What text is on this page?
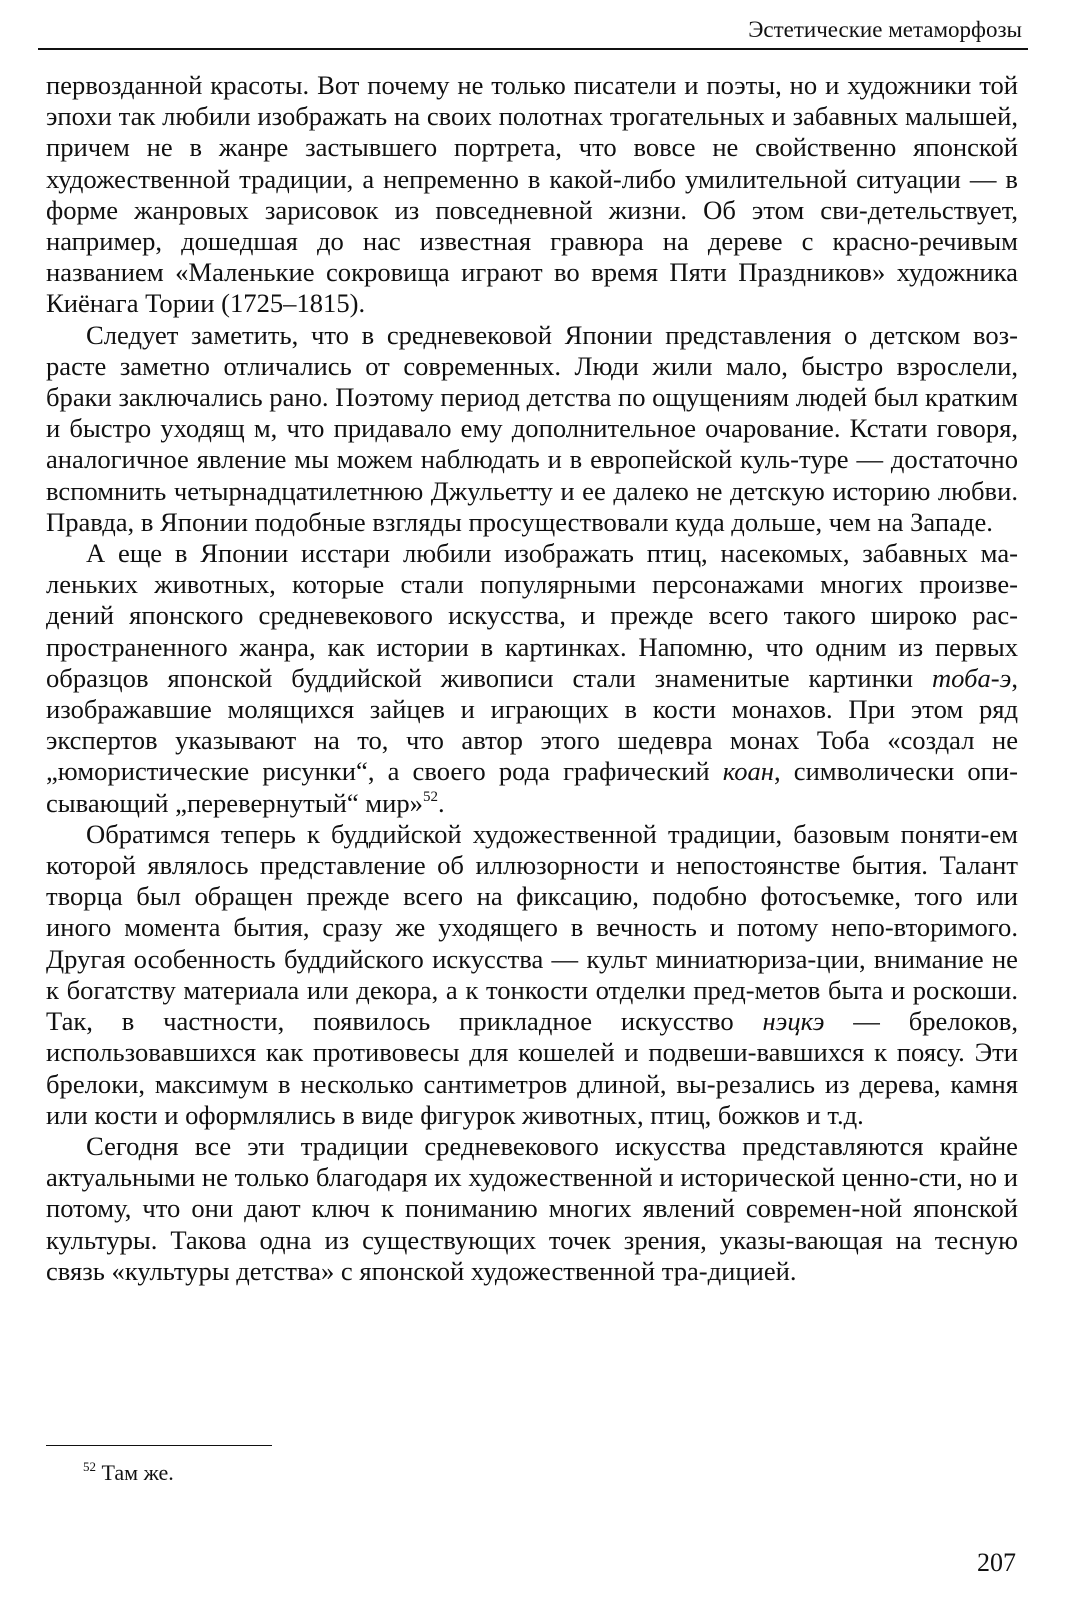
Эстетические метаморфозы

первозданной красоты. Вот почему не только писатели и поэты, но и художники той эпохи так любили изображать на своих полотнах трогательных и забавных малышей, причем не в жанре застывшего портрета, что вовсе не свойственно японской художественной традиции, а непременно в какой-либо умилительной ситуации — в форме жанровых зарисовок из повседневной жизни. Об этом сви-детельствует, например, дошедшая до нас известная гравюра на дереве с красно-речивым названием «Маленькие сокровища играют во время Пяти Праздников» художника Киёнага Тории (1725–1815).

Следует заметить, что в средневековой Японии представления о детском воз-расте заметно отличались от современных. Люди жили мало, быстро взрослели, браки заключались рано. Поэтому период детства по ощущениям людей был кратким и быстро уходящ м, что придавало ему дополнительное очарование. Кстати говоря, аналогичное явление мы можем наблюдать и в европейской куль-туре — достаточно вспомнить четырнадцатилетнюю Джульетту и ее далеко не детскую историю любви. Правда, в Японии подобные взгляды просуществовали куда дольше, чем на Западе.

А еще в Японии исстари любили изображать птиц, насекомых, забавных ма-леньких животных, которые стали популярными персонажами многих произве-дений японского средневекового искусства, и прежде всего такого широко рас-пространенного жанра, как истории в картинках. Напомню, что одним из первых образцов японской буддийской живописи стали знаменитые картинки тоба-э, изображавшие молящихся зайцев и играющих в кости монахов. При этом ряд экспертов указывают на то, что автор этого шедевра монах Тоба «создал не „юмористические рисунки“, а своего рода графический коан, символически опи-сывающий „перевернутый“ мир»$^{52}$.

Обратимся теперь к буддийской художественной традиции, базовым поняти-ем которой являлось представление об иллюзорности и непостоянстве бытия. Талант творца был обращен прежде всего на фиксацию, подобно фотосъемке, того или иного момента бытия, сразу же уходящего в вечность и потому непо-вторимого. Другая особенность буддийского искусства — культ миниатюриза-ции, внимание не к богатству материала или декора, а к тонкости отделки пред-метов быта и роскоши. Так, в частности, появилось прикладное искусство нэцкэ — брелоков, использовавшихся как противовесы для кошелей и подвеши-вавшихся к поясу. Эти брелоки, максимум в несколько сантиметров длиной, вы-резались из дерева, камня или кости и оформлялись в виде фигурок животных, птиц, божков и т.д.

Сегодня все эти традиции средневекового искусства представляются крайне актуальными не только благодаря их художественной и исторической ценно-сти, но и потому, что они дают ключ к пониманию многих явлений современ-ной японской культуры. Такова одна из существующих точек зрения, указы-вающая на тесную связь «культуры детства» с японской художественной тра-дицией.

$^{52}$ Там же.
207
